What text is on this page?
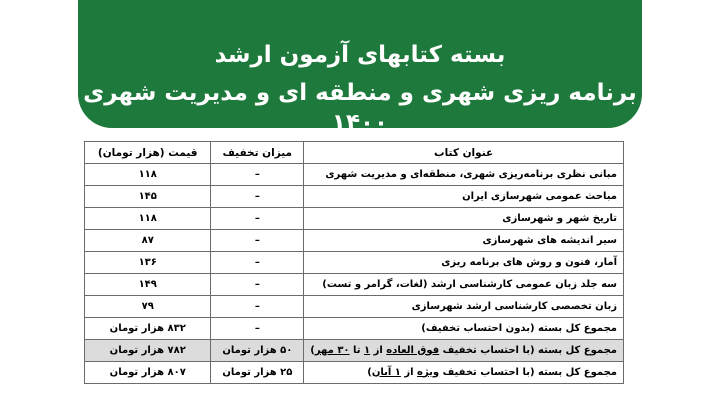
بسته کتابهای آزمون ارشد
برنامه ریزی شهری و منطقه ای و مدیریت شهری ۱۴۰۰
عنوان کتاب	میزان تخفیف	قیمت (هزار تومان)
مبانی نظری برنامه‌ریزی شهری، منطقه‌ای و مدیریت شهری	–	۱۱۸
مباحث عمومی شهرسازی ایران	–	۱۴۵
تاریخ شهر و شهرسازی	–	۱۱۸
سیر اندیشه های شهرسازی	–	۸۷
آمار، فنون و روش های برنامه ریزی	–	۱۳۶
سه جلد زبان عمومی کارشناسی ارشد (لغات، گرامر و تست)	–	۱۴۹
زبان تخصصی کارشناسی ارشد شهرسازی	–	۷۹
مجموع کل بسته (بدون احتساب تخفیف)	–	۸۳۲ هزار تومان
مجموع کل بسته (با احتساب تخفیف فوق العاده از ۱ تا ۳۰ مهر)	۵۰ هزار تومان	۷۸۲ هزار تومان
مجموع کل بسته (با احتساب تخفیف ویژه از ۱ آبان)	۲۵ هزار تومان	۸۰۷ هزار تومان
